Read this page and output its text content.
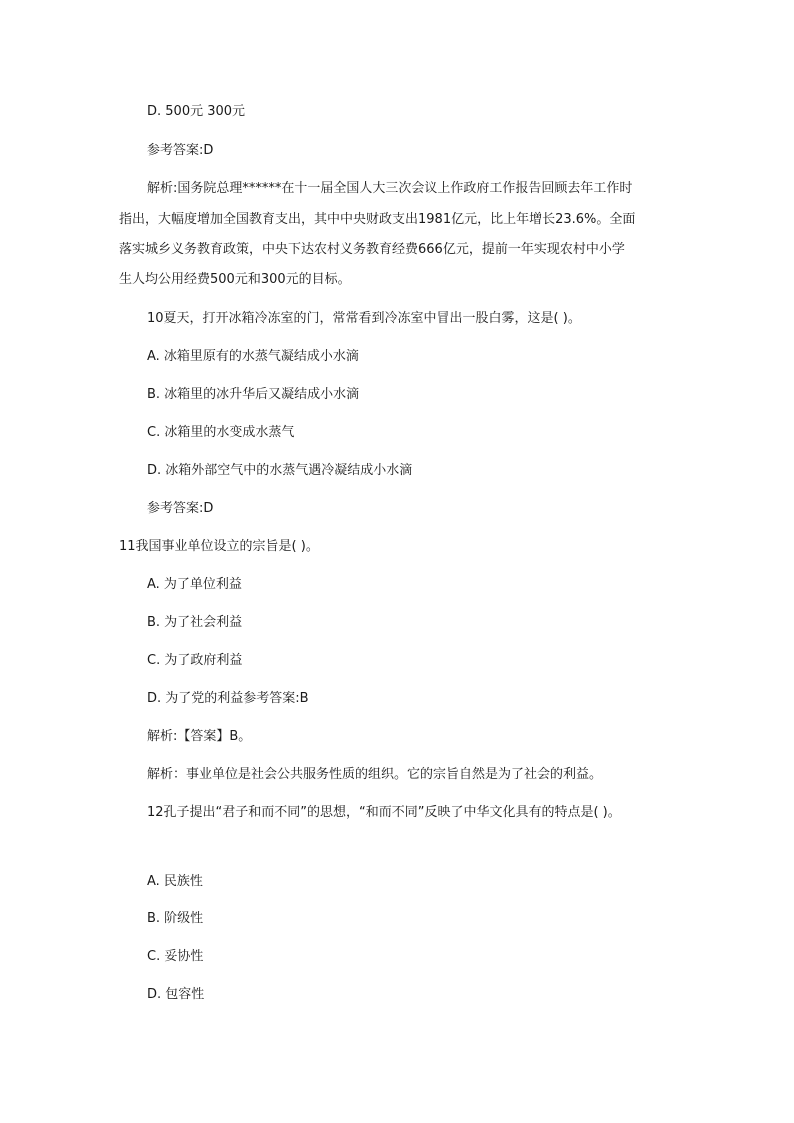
D. 500元 300元
参考答案:D
解析:国务院总理******在十一届全国人大三次会议上作政府工作报告回顾去年工作时
指出，大幅度增加全国教育支出，其中中央财政支出1981亿元，比上年增长23.6%。全面
落实城乡义务教育政策，中央下达农村义务教育经费666亿元，提前一年实现农村中小学
生人均公用经费500元和300元的目标。
10夏天，打开冰箱冷冻室的门，常常看到冷冻室中冒出一股白雾，这是( )。
A. 冰箱里原有的水蒸气凝结成小水滴
B. 冰箱里的冰升华后又凝结成小水滴
C. 冰箱里的水变成水蒸气
D. 冰箱外部空气中的水蒸气遇冷凝结成小水滴
参考答案:D
11我国事业单位设立的宗旨是( )。
A. 为了单位利益
B. 为了社会利益
C. 为了政府利益
D. 为了党的利益参考答案:B
解析:【答案】B。
解析：事业单位是社会公共服务性质的组织。它的宗旨自然是为了社会的利益。
12孔子提出“君子和而不同”的思想，“和而不同”反映了中华文化具有的特点是( )。
A. 民族性
B. 阶级性
C. 妥协性
D. 包容性
